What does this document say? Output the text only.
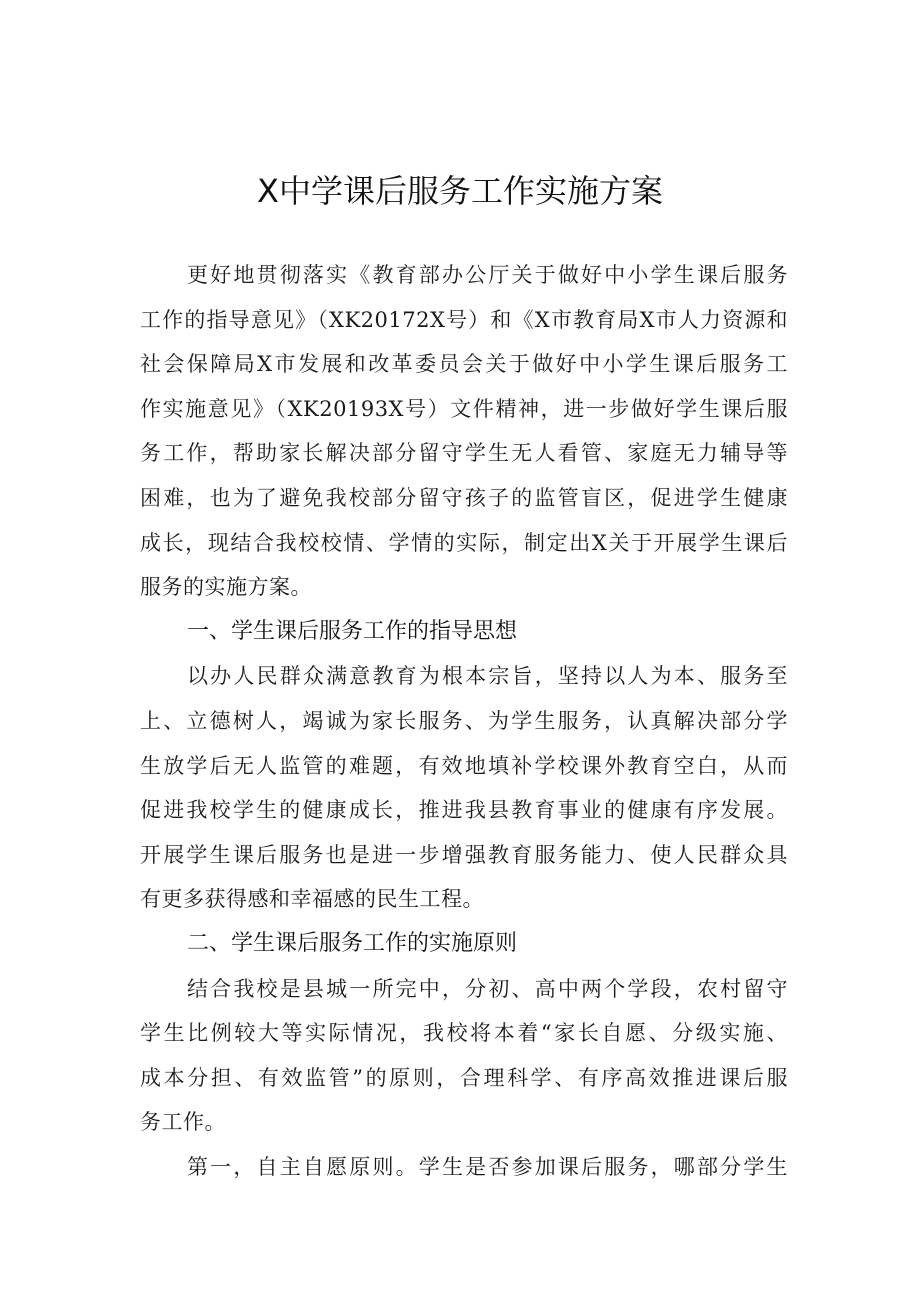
X中学课后服务工作实施方案
更好地贯彻落实《教育部办公厅关于做好中小学生课后服务
工作的指导意见》（XK20172X号）和《X市教育局X市人力资源和
社会保障局X市发展和改革委员会关于做好中小学生课后服务工
作实施意见》（XK20193X号）文件精神，进一步做好学生课后服
务工作，帮助家长解决部分留守学生无人看管、家庭无力辅导等
困难，也为了避免我校部分留守孩子的监管盲区，促进学生健康
成长，现结合我校校情、学情的实际，制定出X关于开展学生课后
服务的实施方案。
一、学生课后服务工作的指导思想
以办人民群众满意教育为根本宗旨，坚持以人为本、服务至
上、立德树人，竭诚为家长服务、为学生服务，认真解决部分学
生放学后无人监管的难题，有效地填补学校课外教育空白，从而
促进我校学生的健康成长，推进我县教育事业的健康有序发展。
开展学生课后服务也是进一步增强教育服务能力、使人民群众具
有更多获得感和幸福感的民生工程。
二、学生课后服务工作的实施原则
结合我校是县城一所完中，分初、高中两个学段，农村留守
学生比例较大等实际情况，我校将本着“家长自愿、分级实施、
成本分担、有效监管”的原则，合理科学、有序高效推进课后服
务工作。
第一，自主自愿原则。学生是否参加课后服务，哪部分学生
